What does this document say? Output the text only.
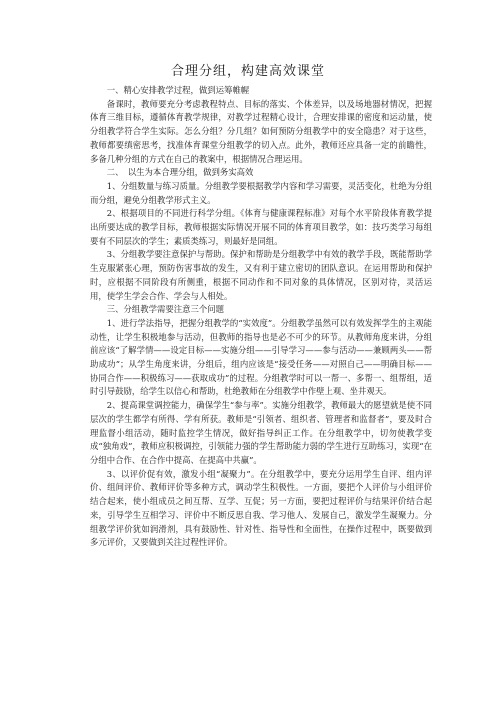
合理分组，构建高效课堂

一、精心安排教学过程，做到运筹帷幄

备课时，教师要充分考虑教程特点、目标的落实、个体差异，以及场地器材情况，把握体育三维目标，遵循体育教学规律，对教学过程精心设计，合理安排课的密度和运动量，使分组教学符合学生实际。怎么分组？分几组？如何预防分组教学中的安全隐患？对于这些，教师都要缜密思考，找准体育课堂分组教学的切入点。此外，教师还应具备一定的前瞻性，多备几种分组的方式在自己的教案中，根据情况合理运用。

二、　以生为本合理分组，做到务实高效

1、分组数量与练习质量。分组教学要根据教学内容和学习需要，灵活变化，杜绝为分组而分组，避免分组教学形式主义。

2、根据项目的不同进行科学分组。《体育与健康课程标准》对每个水平阶段体育教学提出所要达成的教学目标，教师根据实际情况开展不同的体育项目教学，如：技巧类学习每组要有不同层次的学生；素质类练习，则最好是同组。

3、分组教学要注意保护与帮助。保护和帮助是分组教学中有效的教学手段，既能帮助学生克服紧张心理，预防伤害事故的发生，又有利于建立密切的团队意识。在运用帮助和保护时，应根据不同阶段有所侧重，根据不同动作和不同对象的具体情况，区别对待，灵活运用，使学生学会合作、学会与人相处。

三、分组教学需要注意三个问题

1、进行学法指导，把握分组教学的“实效度”。分组教学虽然可以有效发挥学生的主观能动性，让学生积极地参与活动，但教师的指导也是必不可少的环节。从教师角度来讲，分组前应该“了解学情——设定目标——实施分组——引导学习——参与活动——兼顾两头——帮助成功”；从学生角度来讲，分组后，组内应该是“接受任务——对照自己——明确目标——协同合作——积极练习——获取成功”的过程。分组教学时可以一帮一、多帮一、组帮组，适时引导鼓励，给学生以信心和帮助，杜绝教师在分组教学中作壁上观、坐井观天。

2、提高课堂调控能力，确保学生“参与率”。实施分组教学，教师最大的愿望就是使不同层次的学生都学有所得、学有所获。教师是“引领者、组织者、管理者和监督者”，要及时合理监督小组活动，随时监控学生情况，做好指导纠正工作。在分组教学中，切勿使教学变成“独角戏”，教师应积极调控，引领能力强的学生帮助能力弱的学生进行互助练习，实现“在分组中合作、在合作中提高、在提高中共赢”。

3、以评价促有效，激发小组“凝聚力”。在分组教学中，要充分运用学生自评、组内评价、组间评价、教师评价等多种方式，调动学生积极性。一方面，要把个人评价与小组评价结合起来，使小组成员之间互帮、互学、互促；另一方面，要把过程评价与结果评价结合起来，引导学生互相学习、评价中不断反思自我、学习他人、发展自己，激发学生凝聚力。分组教学评价犹如润滑剂，具有鼓励性、针对性、指导性和全面性，在操作过程中，既要做到多元评价，又要做到关注过程性评价。
